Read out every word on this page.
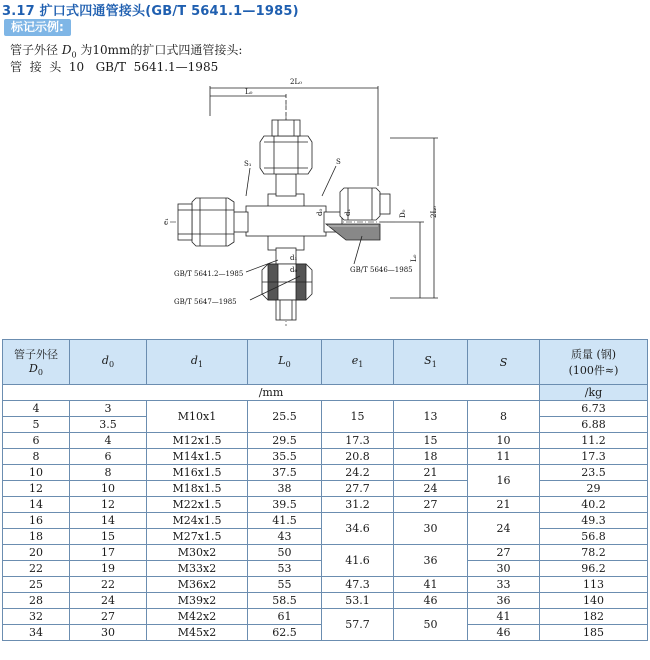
3.17 扩口式四通管接头(GB/T 5641.1—1985)
标记示例:
管子外径 $D_0$ 为10mm的扩口式四通管接头:
管  接  头  10   GB/T  5641.1—1985
2L₀
L₀
2L₀
L₀
S₁	S
e₁
d₀	d₁	D₀
d₁
d₀
GB/T 5641.2—1985	GB/T 5646—1985
GB/T 5647—1985
管子外径
$D_0$	$d_0$	$d_1$	$L_0$	$e_1$	$S_1$	S	质量 (钢)
(100件≈)
/mm							/kg
4	3	M10x1	25.5	15	13	8	6.73
5	3.5						6.88
6	4	M12x1.5	29.5	17.3	15	10	11.2
8	6	M14x1.5	35.5	20.8	18	11	17.3
10	8	M16x1.5	37.5	24.2	21	16	23.5
12	10	M18x1.5	38	27.7	24		29
14	12	M22x1.5	39.5	31.2	27	21	40.2
16	14	M24x1.5	41.5	34.6	30	24	49.3
18	15	M27x1.5	43				56.8
20	17	M30x2	50	41.6	36	27	78.2
22	19	M33x2	53			30	96.2
25	22	M36x2	55	47.3	41	33	113
28	24	M39x2	58.5	53.1	46	36	140
32	27	M42x2	61	57.7	50	41	182
34	30	M45x2	62.5			46	185
